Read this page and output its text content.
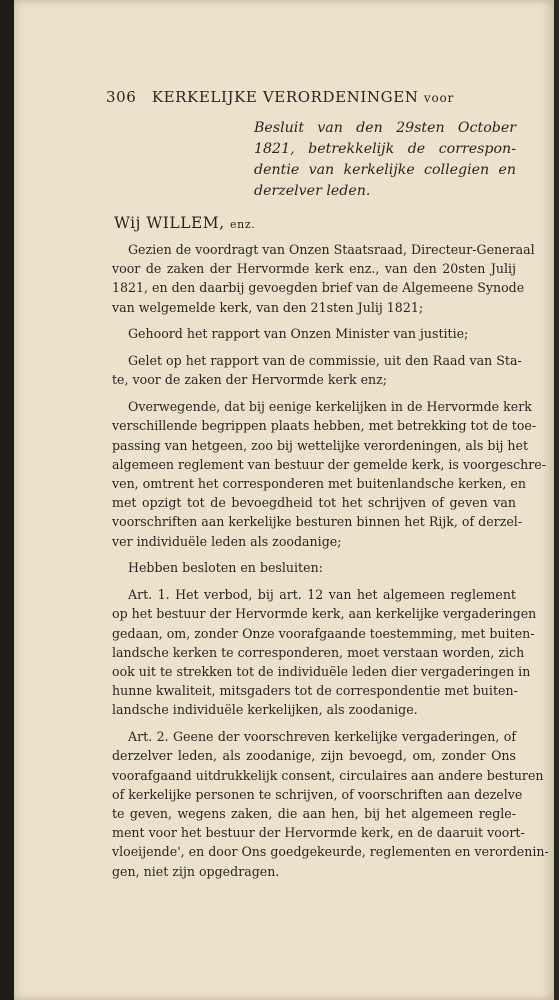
306 KERKELIJKE VERORDENINGEN voor
Besluit van den 29sten October
1821, betrekkelijk de correspon-
dentie van kerkelijke collegien en
derzelver leden.
Wij WILLEM, enz.
Gezien de voordragt van Onzen Staatsraad, Directeur-Generaal
voor de zaken der Hervormde kerk enz., van den 20sten Julij
1821, en den daarbij gevoegden brief van de Algemeene Synode
van welgemelde kerk, van den 21sten Julij 1821;
Gehoord het rapport van Onzen Minister van justitie;
Gelet op het rapport van de commissie, uit den Raad van Sta-
te, voor de zaken der Hervormde kerk enz;
Overwegende, dat bij eenige kerkelijken in de Hervormde kerk
verschillende begrippen plaats hebben, met betrekking tot de toe-
passing van hetgeen, zoo bij wettelijke verordeningen, als bij het
algemeen reglement van bestuur der gemelde kerk, is voorgeschre-
ven, omtrent het corresponderen met buitenlandsche kerken, en
met opzigt tot de bevoegdheid tot het schrijven of geven van
voorschriften aan kerkelijke besturen binnen het Rijk, of derzel-
ver individuële leden als zoodanige;
Hebben besloten en besluiten:
Art. 1. Het verbod, bij art. 12 van het algemeen reglement
op het bestuur der Hervormde kerk, aan kerkelijke vergaderingen
gedaan, om, zonder Onze voorafgaande toestemming, met buiten-
landsche kerken te corresponderen, moet verstaan worden, zich
ook uit te strekken tot de individuële leden dier vergaderingen in
hunne kwaliteit, mitsgaders tot de correspondentie met buiten-
landsche individuële kerkelijken, als zoodanige.
Art. 2. Geene der voorschreven kerkelijke vergaderingen, of
derzelver leden, als zoodanige, zijn bevoegd, om, zonder Ons
voorafgaand uitdrukkelijk consent, circulaires aan andere besturen
of kerkelijke personen te schrijven, of voorschriften aan dezelve
te geven, wegens zaken, die aan hen, bij het algemeen regle-
ment voor het bestuur der Hervormde kerk, en de daaruit voort-
vloeijende', en door Ons goedgekeurde, reglementen en verordenin-
gen, niet zijn opgedragen.
